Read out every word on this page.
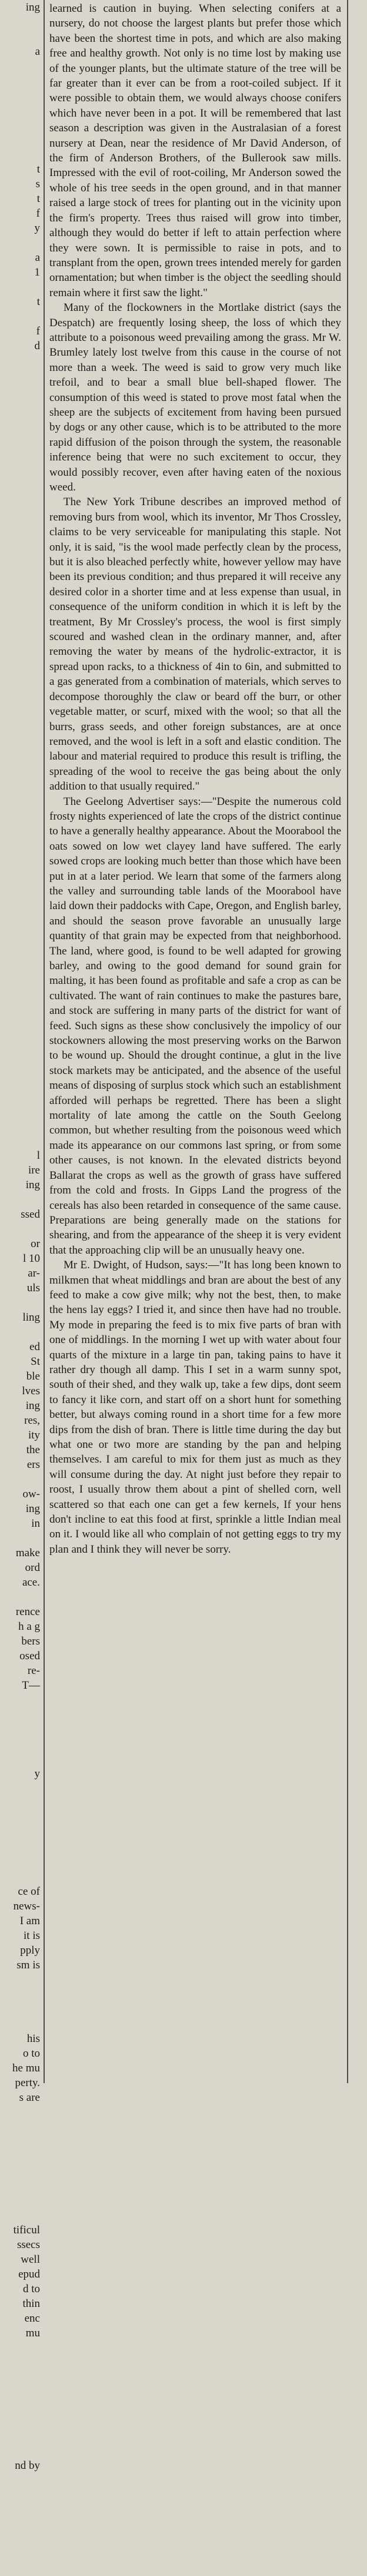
ing
a
t
s
t
f
y
a
1
t
f
d
l
ire
ing
ssed
or
l 10
ar-
uls
ling
ed
St
ble
lves
ing
res,
ity
the
ers
ow-
ing
in
make
ord
ace.
rence
h a g
bers
osed
re-
T—
y
ce of
news-
I am
it is
pply
sm is
his
o to
he mu
perty.
s are
tificul
ssecs
well
epud
d to
thin
enc
mu
nd by

learned is caution in buying. When selecting conifers at a nursery, do not choose the largest plants but prefer those which have been the shortest time in pots, and which are also making free and healthy growth. Not only is no time lost by making use of the younger plants, but the ultimate stature of the tree will be far greater than it ever can be from a root-coiled subject. If it were possible to obtain them, we would always choose conifers which have never been in a pot. It will be remembered that last season a description was given in the Australasian of a forest nursery at Dean, near the residence of Mr David Anderson, of the firm of Anderson Brothers, of the Bullerook saw mills. Impressed with the evil of root-coiling, Mr Anderson sowed the whole of his tree seeds in the open ground, and in that manner raised a large stock of trees for planting out in the vicinity upon the firm's property. Trees thus raised will grow into timber, although they would do better if left to attain perfection where they were sown. It is permissible to raise in pots, and to transplant from the open, grown trees intended merely for garden ornamentation; but when timber is the object the seedling should remain where it first saw the light."

Many of the flockowners in the Mortlake district (says the Despatch) are frequently losing sheep, the loss of which they attribute to a poisonous weed prevailing among the grass. Mr W. Brumley lately lost twelve from this cause in the course of not more than a week. The weed is said to grow very much like trefoil, and to bear a small blue bell-shaped flower. The consumption of this weed is stated to prove most fatal when the sheep are the subjects of excitement from having been pursued by dogs or any other cause, which is to be attributed to the more rapid diffusion of the poison through the system, the reasonable inference being that were no such excitement to occur, they would possibly recover, even after having eaten of the noxious weed.

The New York Tribune describes an improved method of removing burs from wool, which its inventor, Mr Thos Crossley, claims to be very serviceable for manipulating this staple. Not only, it is said, "is the wool made perfectly clean by the process, but it is also bleached perfectly white, however yellow may have been its previous condition; and thus prepared it will receive any desired color in a shorter time and at less expense than usual, in consequence of the uniform condition in which it is left by the treatment, By Mr Crossley's process, the wool is first simply scoured and washed clean in the ordinary manner, and, after removing the water by means of the hydrolic-extractor, it is spread upon racks, to a thickness of 4in to 6in, and submitted to a gas generated from a combination of materials, which serves to decompose thoroughly the claw or beard off the burr, or other vegetable matter, or scurf, mixed with the wool; so that all the burrs, grass seeds, and other foreign substances, are at once removed, and the wool is left in a soft and elastic condition. The labour and material required to produce this result is trifling, the spreading of the wool to receive the gas being about the only addition to that usually required."

The Geelong Advertiser says:—"Despite the numerous cold frosty nights experienced of late the crops of the district continue to have a generally healthy appearance. About the Moorabool the oats sowed on low wet clayey land have suffered. The early sowed crops are looking much better than those which have been put in at a later period. We learn that some of the farmers along the valley and surrounding table lands of the Moorabool have laid down their paddocks with Cape, Oregon, and English barley, and should the season prove favorable an unusually large quantity of that grain may be expected from that neighborhood. The land, where good, is found to be well adapted for growing barley, and owing to the good demand for sound grain for malting, it has been found as profitable and safe a crop as can be cultivated. The want of rain continues to make the pastures bare, and stock are suffering in many parts of the district for want of feed. Such signs as these show conclusively the impolicy of our stockowners allowing the most preserving works on the Barwon to be wound up. Should the drought continue, a glut in the live stock markets may be anticipated, and the absence of the useful means of disposing of surplus stock which such an establishment afforded will perhaps be regretted. There has been a slight mortality of late among the cattle on the South Geelong common, but whether resulting from the poisonous weed which made its appearance on our commons last spring, or from some other causes, is not known. In the elevated districts beyond Ballarat the crops as well as the growth of grass have suffered from the cold and frosts. In Gipps Land the progress of the cereals has also been retarded in consequence of the same cause. Preparations are being generally made on the stations for shearing, and from the appearance of the sheep it is very evident that the approaching clip will be an unusually heavy one.

Mr E. Dwight, of Hudson, says:—"It has long been known to milkmen that wheat middlings and bran are about the best of any feed to make a cow give milk; why not the best, then, to make the hens lay eggs? I tried it, and since then have had no trouble. My mode in preparing the feed is to mix five parts of bran with one of middlings. In the morning I wet up with water about four quarts of the mixture in a large tin pan, taking pains to have it rather dry though all damp. This I set in a warm sunny spot, south of their shed, and they walk up, take a few dips, dont seem to fancy it like corn, and start off on a short hunt for something better, but always coming round in a short time for a few more dips from the dish of bran. There is little time during the day but what one or two more are standing by the pan and helping themselves. I am careful to mix for them just as much as they will consume during the day. At night just before they repair to roost, I usually throw them about a pint of shelled corn, well scattered so that each one can get a few kernels, If your hens don't incline to eat this food at first, sprinkle a little Indian meal on it. I would like all who complain of not getting eggs to try my plan and I think they will never be sorry.
